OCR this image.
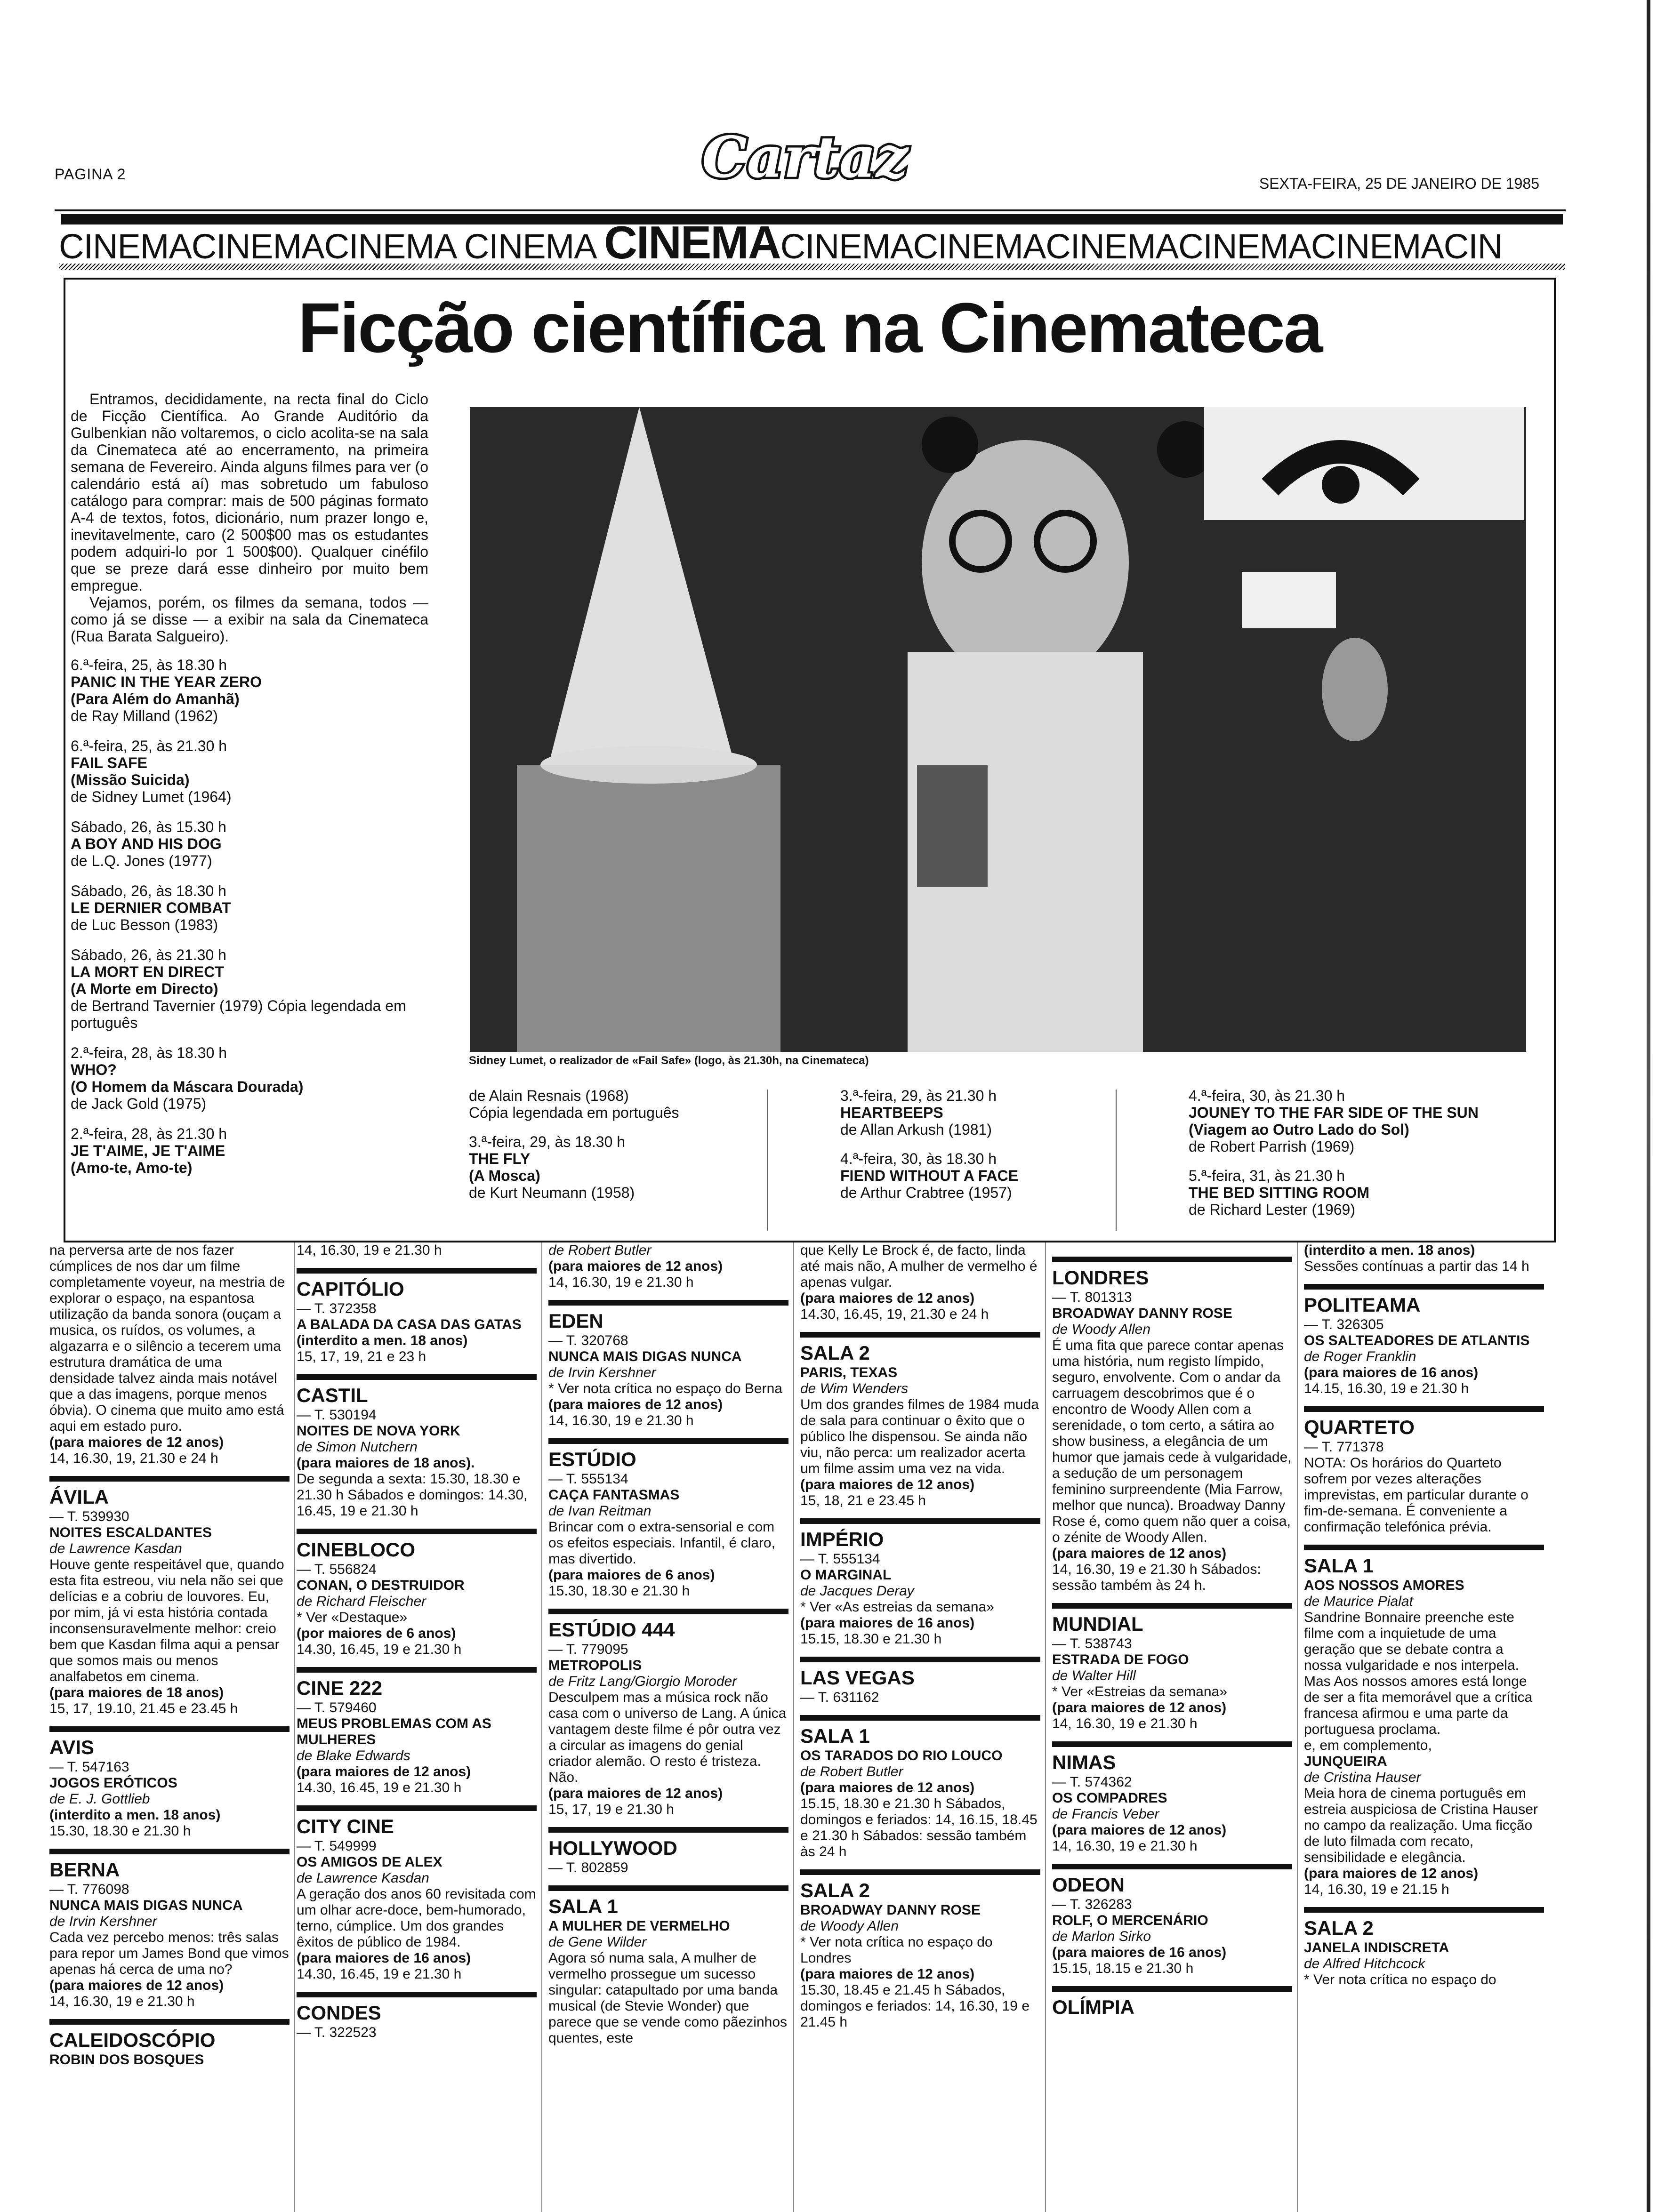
PAGINA 2	Cartaz	SEXTA-FEIRA, 25 DE JANEIRO DE 1985
CINEMACINEMACINEMA CINEMA CINEMACINEMACINEMACINEMACINEMACINEMACIN
Ficção científica na Cinemateca

Entramos, decididamente, na recta final do Ciclo de Ficção Científica. Ao Grande Auditório da Gulbenkian não voltaremos, o ciclo acolita-se na sala da Cinemateca até ao encerramento, na primeira semana de Fevereiro. Ainda alguns filmes para ver (o calendário está aí) mas sobretudo um fabuloso catálogo para comprar: mais de 500 páginas formato A-4 de textos, fotos, dicionário, num prazer longo e, inevitavelmente, caro (2 500$00 mas os estudantes podem adquiri-lo por 1 500$00). Qualquer cinéfilo que se preze dará esse dinheiro por muito bem empregue.

Vejamos, porém, os filmes da semana, todos — como já se disse — a exibir na sala da Cinemateca (Rua Barata Salgueiro).

6.ª-feira, 25, às 18.30 h
PANIC IN THE YEAR ZERO
(Para Além do Amanhã)
de Ray Milland (1962)
6.ª-feira, 25, às 21.30 h
FAIL SAFE
(Missão Suicida)
de Sidney Lumet (1964)
Sábado, 26, às 15.30 h
A BOY AND HIS DOG
de L.Q. Jones (1977)
Sábado, 26, às 18.30 h
LE DERNIER COMBAT
de Luc Besson (1983)
Sábado, 26, às 21.30 h
LA MORT EN DIRECT
(A Morte em Directo)
de Bertrand Tavernier (1979) Cópia legendada em português
2.ª-feira, 28, às 18.30 h
WHO?
(O Homem da Máscara Dourada)
de Jack Gold (1975)
2.ª-feira, 28, às 21.30 h
JE T'AIME, JE T'AIME
(Amo-te, Amo-te)
Sidney Lumet, o realizador de «Fail Safe» (logo, às 21.30h, na Cinemateca)
de Alain Resnais (1968)
Cópia legendada em português
3.ª-feira, 29, às 18.30 h
THE FLY
(A Mosca)
de Kurt Neumann (1958)
3.ª-feira, 29, às 21.30 h
HEARTBEEPS
de Allan Arkush (1981)
4.ª-feira, 30, às 18.30 h
FIEND WITHOUT A FACE
de Arthur Crabtree (1957)
4.ª-feira, 30, às 21.30 h
JOUNEY TO THE FAR SIDE OF THE SUN
(Viagem ao Outro Lado do Sol)
de Robert Parrish (1969)
5.ª-feira, 31, às 21.30 h
THE BED SITTING ROOM
de Richard Lester (1969)

na perversa arte de nos fazer cúmplices de nos dar um filme completamente voyeur, na mestria de explorar o espaço, na espantosa utilização da banda sonora (ouçam a musica, os ruídos, os volumes, a algazarra e o silêncio a tecerem uma estrutura dramática de uma densidade talvez ainda mais notável que a das imagens, porque menos óbvia). O cinema que muito amo está aqui em estado puro.

(para maiores de 12 anos)

14, 16.30, 19, 21.30 e 24 h

ÁVILA

— T. 539930

NOITES ESCALDANTES

de Lawrence Kasdan

Houve gente respeitável que, quando esta fita estreou, viu nela não sei que delícias e a cobriu de louvores. Eu, por mim, já vi esta história contada inconsensuravelmente melhor: creio bem que Kasdan filma aqui a pensar que somos mais ou menos analfabetos em cinema.

(para maiores de 18 anos)

15, 17, 19.10, 21.45 e 23.45 h

AVIS

— T. 547163

JOGOS ERÓTICOS

de E. J. Gottlieb

(interdito a men. 18 anos)

15.30, 18.30 e 21.30 h

BERNA

— T. 776098

NUNCA MAIS DIGAS NUNCA

de Irvin Kershner

Cada vez percebo menos: três salas para repor um James Bond que vimos apenas há cerca de uma no?

(para maiores de 12 anos)

14, 16.30, 19 e 21.30 h

CALEIDOSCÓPIO

ROBIN DOS BOSQUES

14, 16.30, 19 e 21.30 h

CAPITÓLIO

— T. 372358

A BALADA DA CASA DAS GATAS

(interdito a men. 18 anos)

15, 17, 19, 21 e 23 h

CASTIL

— T. 530194

NOITES DE NOVA YORK

de Simon Nutchern

(para maiores de 18 anos).

De segunda a sexta: 15.30, 18.30 e 21.30 h Sábados e domingos: 14.30, 16.45, 19 e 21.30 h

CINEBLOCO

— T. 556824

CONAN, O DESTRUIDOR

de Richard Fleischer

* Ver «Destaque»

(por maiores de 6 anos)

14.30, 16.45, 19 e 21.30 h

CINE 222

— T. 579460

MEUS PROBLEMAS COM AS MULHERES

de Blake Edwards

(para maiores de 12 anos)

14.30, 16.45, 19 e 21.30 h

CITY CINE

— T. 549999

OS AMIGOS DE ALEX

de Lawrence Kasdan

A geração dos anos 60 revisitada com um olhar acre-doce, bem-humorado, terno, cúmplice. Um dos grandes êxitos de público de 1984.

(para maiores de 16 anos)

14.30, 16.45, 19 e 21.30 h

CONDES

— T. 322523

de Robert Butler

(para maiores de 12 anos)

14, 16.30, 19 e 21.30 h

EDEN

— T. 320768

NUNCA MAIS DIGAS NUNCA

de Irvin Kershner

* Ver nota crítica no espaço do Berna

(para maiores de 12 anos)

14, 16.30, 19 e 21.30 h

ESTÚDIO

— T. 555134

CAÇA FANTASMAS

de Ivan Reitman

Brincar com o extra-sensorial e com os efeitos especiais. Infantil, é claro, mas divertido.

(para maiores de 6 anos)

15.30, 18.30 e 21.30 h

ESTÚDIO 444

— T. 779095

METROPOLIS

de Fritz Lang/Giorgio Moroder

Desculpem mas a música rock não casa com o universo de Lang. A única vantagem deste filme é pôr outra vez a circular as imagens do genial criador alemão. O resto é tristeza. Não.

(para maiores de 12 anos)

15, 17, 19 e 21.30 h

HOLLYWOOD

— T. 802859

SALA 1

A MULHER DE VERMELHO

de Gene Wilder

Agora só numa sala, A mulher de vermelho prossegue um sucesso singular: catapultado por uma banda musical (de Stevie Wonder) que parece que se vende como pãezinhos quentes, este

que Kelly Le Brock é, de facto, linda até mais não, A mulher de vermelho é apenas vulgar.

(para maiores de 12 anos)

14.30, 16.45, 19, 21.30 e 24 h

SALA 2

PARIS, TEXAS

de Wim Wenders

Um dos grandes filmes de 1984 muda de sala para continuar o êxito que o público lhe dispensou. Se ainda não viu, não perca: um realizador acerta um filme assim uma vez na vida.

(para maiores de 12 anos)

15, 18, 21 e 23.45 h

IMPÉRIO

— T. 555134

O MARGINAL

de Jacques Deray

* Ver «As estreias da semana»

(para maiores de 16 anos)

15.15, 18.30 e 21.30 h

LAS VEGAS

— T. 631162

SALA 1

OS TARADOS DO RIO LOUCO

de Robert Butler

(para maiores de 12 anos)

15.15, 18.30 e 21.30 h Sábados, domingos e feriados: 14, 16.15, 18.45 e 21.30 h Sábados: sessão também às 24 h

SALA 2

BROADWAY DANNY ROSE

de Woody Allen

* Ver nota crítica no espaço do Londres

(para maiores de 12 anos)

15.30, 18.45 e 21.45 h Sábados, domingos e feriados: 14, 16.30, 19 e 21.45 h

LONDRES

— T. 801313

BROADWAY DANNY ROSE

de Woody Allen

É uma fita que parece contar apenas uma história, num registo límpido, seguro, envolvente. Com o andar da carruagem descobrimos que é o encontro de Woody Allen com a serenidade, o tom certo, a sátira ao show business, a elegância de um humor que jamais cede à vulgaridade, a sedução de um personagem feminino surpreendente (Mia Farrow, melhor que nunca). Broadway Danny Rose é, como quem não quer a coisa, o zénite de Woody Allen.

(para maiores de 12 anos)

14, 16.30, 19 e 21.30 h Sábados: sessão também às 24 h.

MUNDIAL

— T. 538743

ESTRADA DE FOGO

de Walter Hill

* Ver «Estreias da semana»

(para maiores de 12 anos)

14, 16.30, 19 e 21.30 h

NIMAS

— T. 574362

OS COMPADRES

de Francis Veber

(para maiores de 12 anos)

14, 16.30, 19 e 21.30 h

ODEON

— T. 326283

ROLF, O MERCENÁRIO

de Marlon Sirko

(para maiores de 16 anos)

15.15, 18.15 e 21.30 h

OLÍMPIA

(interdito a men. 18 anos)

Sessões contínuas a partir das 14 h

POLITEAMA

— T. 326305

OS SALTEADORES DE ATLANTIS

de Roger Franklin

(para maiores de 16 anos)

14.15, 16.30, 19 e 21.30 h

QUARTETO

— T. 771378

NOTA: Os horários do Quarteto sofrem por vezes alterações imprevistas, em particular durante o fim-de-semana. É conveniente a confirmação telefónica prévia.

SALA 1

AOS NOSSOS AMORES

de Maurice Pialat

Sandrine Bonnaire preenche este filme com a inquietude de uma geração que se debate contra a nossa vulgaridade e nos interpela. Mas Aos nossos amores está longe de ser a fita memorável que a crítica francesa afirmou e uma parte da portuguesa proclama.

e, em complemento,

JUNQUEIRA

de Cristina Hauser

Meia hora de cinema português em estreia auspiciosa de Cristina Hauser no campo da realização. Uma ficção de luto filmada com recato, sensibilidade e elegância.

(para maiores de 12 anos)

14, 16.30, 19 e 21.15 h

SALA 2

JANELA INDISCRETA

de Alfred Hitchcock

* Ver nota crítica no espaço do
